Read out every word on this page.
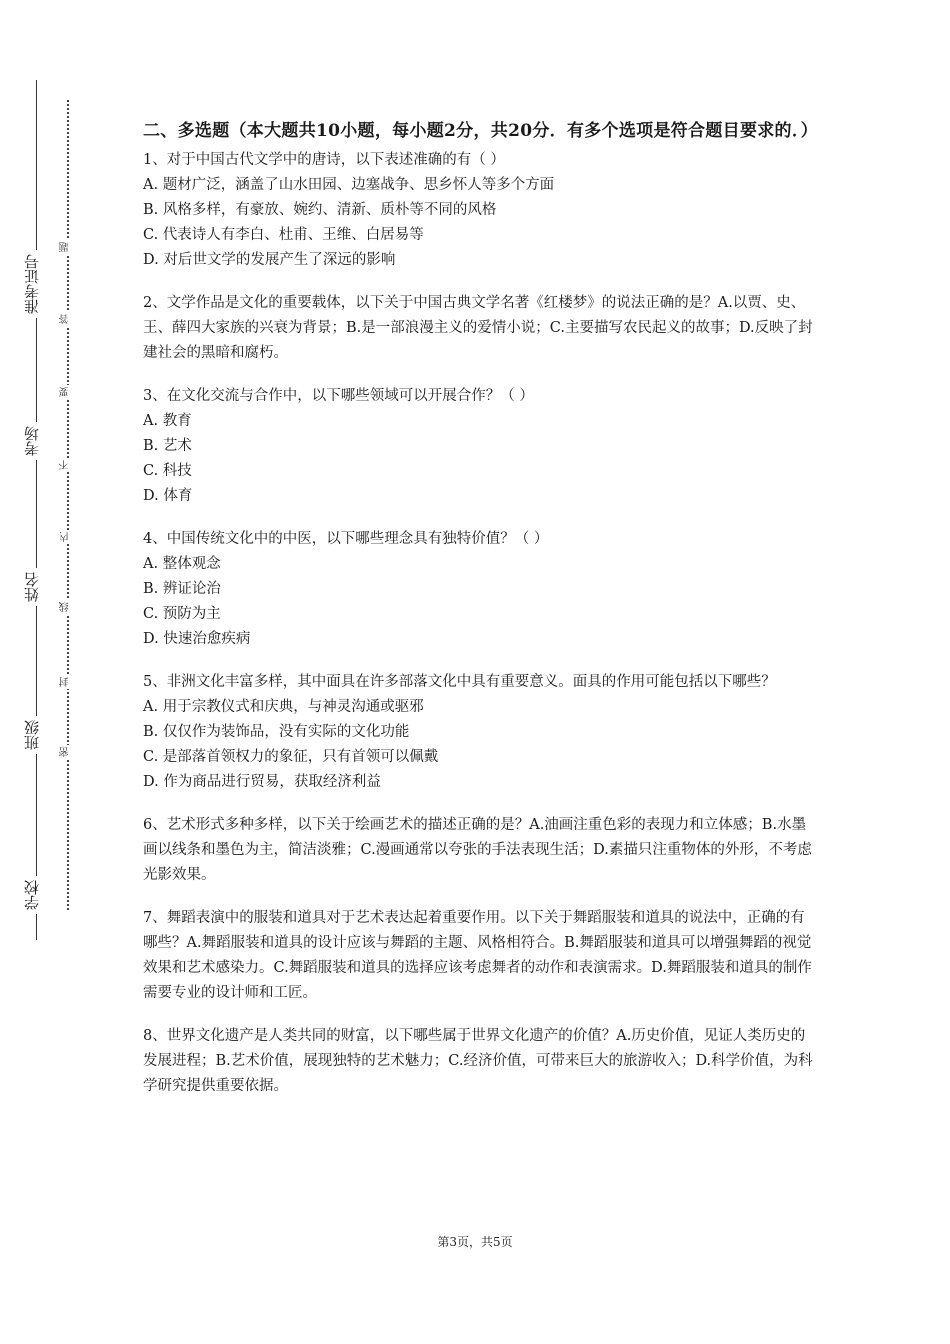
准考证号
考场
姓名
班级
学校
题
答
要
不
内
线
封
密

二、多选题（本大题共10小题，每小题2分，共20分．有多个选项是符合题目要求的．）

1、对于中国古代文学中的唐诗，以下表述准确的有（ ）

A. 题材广泛，涵盖了山水田园、边塞战争、思乡怀人等多个方面

B. 风格多样，有豪放、婉约、清新、质朴等不同的风格

C. 代表诗人有李白、杜甫、王维、白居易等

D. 对后世文学的发展产生了深远的影响

2、文学作品是文化的重要载体，以下关于中国古典文学名著《红楼梦》的说法正确的是？A.以贾、史、王、薛四大家族的兴衰为背景；B.是一部浪漫主义的爱情小说；C.主要描写农民起义的故事；D.反映了封建社会的黑暗和腐朽。

3、在文化交流与合作中，以下哪些领域可以开展合作？（ ）

A. 教育

B. 艺术

C. 科技

D. 体育

4、中国传统文化中的中医，以下哪些理念具有独特价值？（ ）

A. 整体观念

B. 辨证论治

C. 预防为主

D. 快速治愈疾病

5、非洲文化丰富多样，其中面具在许多部落文化中具有重要意义。面具的作用可能包括以下哪些？

A. 用于宗教仪式和庆典，与神灵沟通或驱邪

B. 仅仅作为装饰品，没有实际的文化功能

C. 是部落首领权力的象征，只有首领可以佩戴

D. 作为商品进行贸易，获取经济利益

6、艺术形式多种多样，以下关于绘画艺术的描述正确的是？A.油画注重色彩的表现力和立体感；B.水墨画以线条和墨色为主，简洁淡雅；C.漫画通常以夸张的手法表现生活；D.素描只注重物体的外形，不考虑光影效果。

7、舞蹈表演中的服装和道具对于艺术表达起着重要作用。以下关于舞蹈服装和道具的说法中，正确的有哪些？A.舞蹈服装和道具的设计应该与舞蹈的主题、风格相符合。B.舞蹈服装和道具可以增强舞蹈的视觉效果和艺术感染力。C.舞蹈服装和道具的选择应该考虑舞者的动作和表演需求。D.舞蹈服装和道具的制作需要专业的设计师和工匠。

8、世界文化遗产是人类共同的财富，以下哪些属于世界文化遗产的价值？A.历史价值，见证人类历史的发展进程；B.艺术价值，展现独特的艺术魅力；C.经济价值，可带来巨大的旅游收入；D.科学价值，为科学研究提供重要依据。

第3页，共5页
